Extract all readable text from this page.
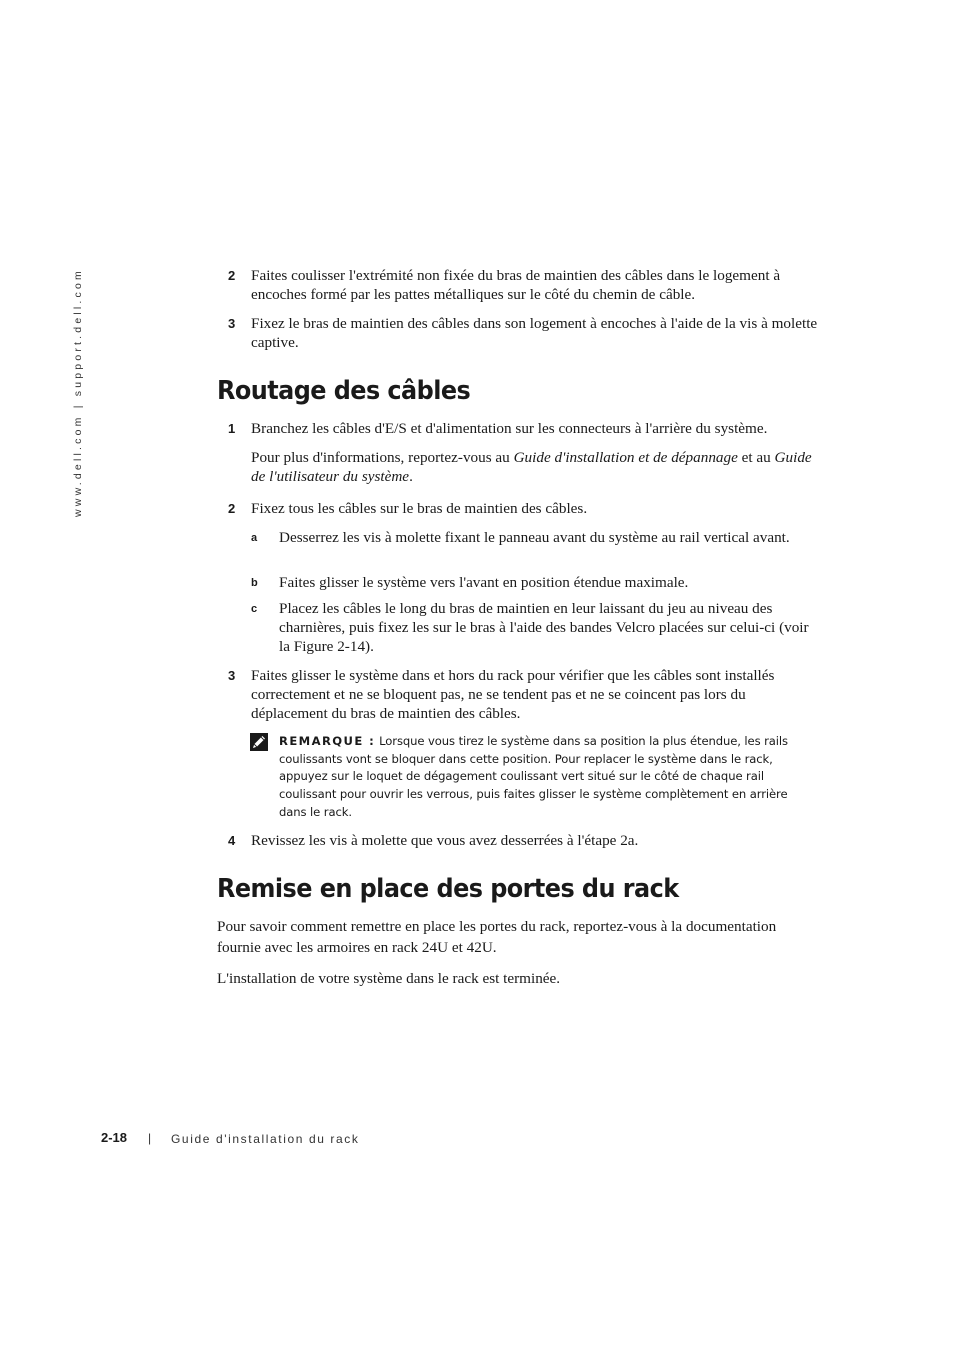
www.dell.com | support.dell.com	2 Faites coulisser l'extrémité non fixée du bras de maintien des câbles dans le logement à encoches formé par les pattes métalliques sur le côté du chemin de câble.
3 Fixez le bras de maintien des câbles dans son logement à encoches à l'aide de la vis à molette captive.
Routage des câbles
1 Branchez les câbles d'E/S et d'alimentation sur les connecteurs à l'arrière du système.
Pour plus d'informations, reportez-vous au Guide d'installation et de dépannage et au Guide de l'utilisateur du système.
2 Fixez tous les câbles sur le bras de maintien des câbles.
a Desserrez les vis à molette fixant le panneau avant du système au rail vertical avant.
b Faites glisser le système vers l'avant en position étendue maximale.
c Placez les câbles le long du bras de maintien en leur laissant du jeu au niveau des charnières, puis fixez les sur le bras à l'aide des bandes Velcro placées sur celui-ci (voir la Figure 2-14).
3 Faites glisser le système dans et hors du rack pour vérifier que les câbles sont installés correctement et ne se bloquent pas, ne se tendent pas et ne se coincent pas lors du déplacement du bras de maintien des câbles.
REMARQUE : Lorsque vous tirez le système dans sa position la plus étendue, les rails coulissants vont se bloquer dans cette position. Pour replacer le système dans le rack, appuyez sur le loquet de dégagement coulissant vert situé sur le côté de chaque rail coulissant pour ouvrir les verrous, puis faites glisser le système complètement en arrière dans le rack.
4 Revissez les vis à molette que vous avez desserrées à l'étape 2a.
Remise en place des portes du rack
Pour savoir comment remettre en place les portes du rack, reportez-vous à la documentation fournie avec les armoires en rack 24U et 42U.
L'installation de votre système dans le rack est terminée.
2-18 | Guide d'installation du rack
